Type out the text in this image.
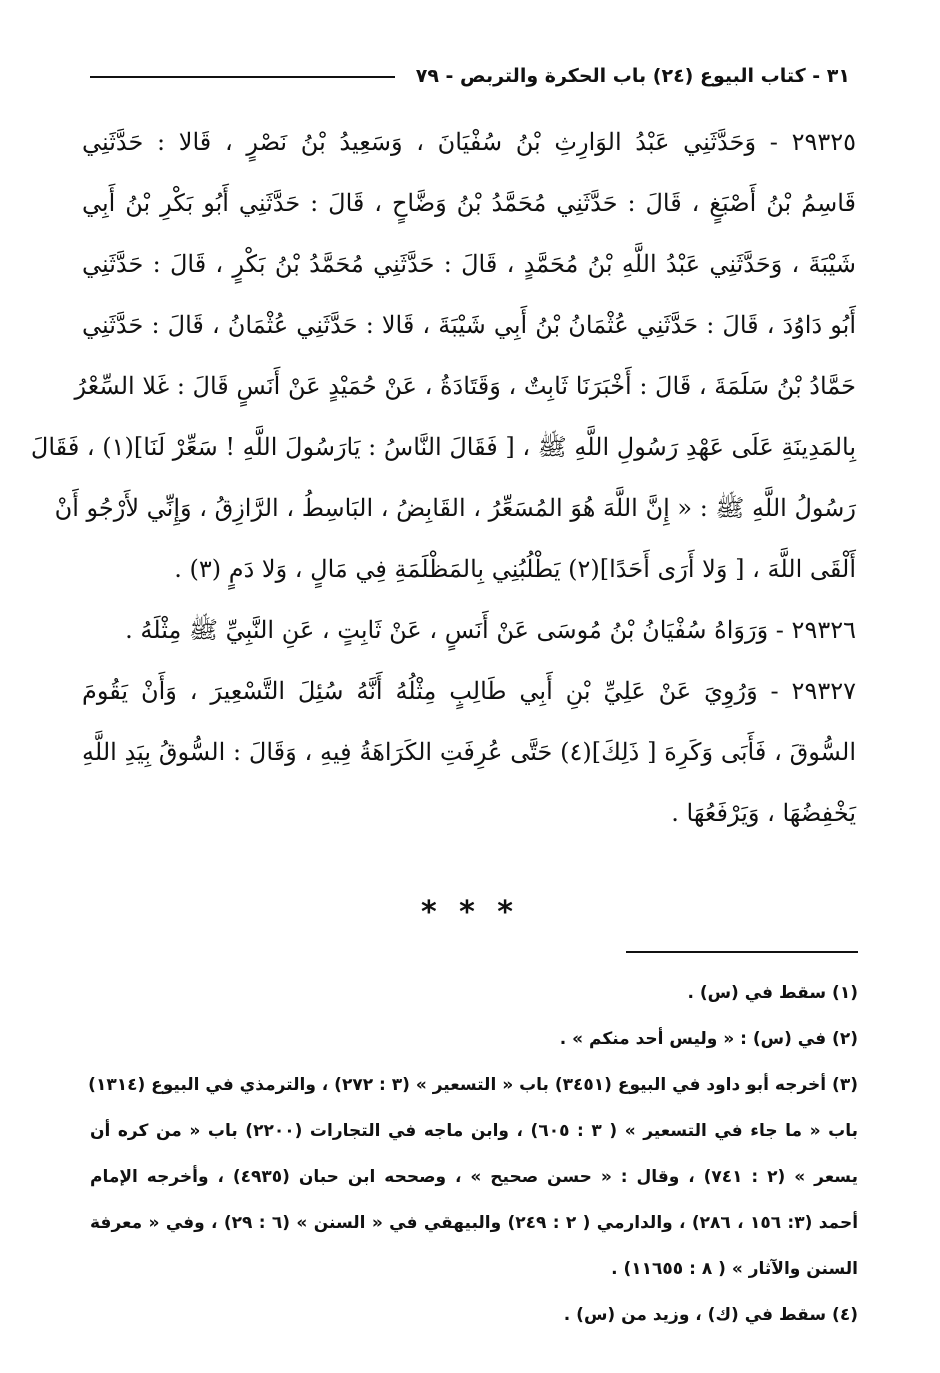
٣١ - كتاب البيوع (٢٤) باب الحكرة والتربص - ٧٩
٢٩٣٢٥ - وَحَدَّثَنِي عَبْدُ الوَارِثِ بْنُ سُفْيَانَ ، وَسَعِيدُ بْنُ نَصْرٍ ، قَالا : حَدَّثَنِي
قَاسِمُ بْنُ أَصْبَغٍ ، قَالَ : حَدَّثَنِي مُحَمَّدُ بْنُ وَضَّاحٍ ، قَالَ : حَدَّثَنِي أَبُو بَكْرِ بْنُ أَبِي
شَيْبَةَ ، وَحَدَّثَنِي عَبْدُ اللَّهِ بْنُ مُحَمَّدٍ ، قَالَ : حَدَّثَنِي مُحَمَّدُ بْنُ بَكْرٍ ، قَالَ : حَدَّثَنِي
أَبُو دَاوُدَ ، قَالَ : حَدَّثَنِي عُثْمَانُ بْنُ أَبِي شَيْبَةَ ، قَالا : حَدَّثَنِي عُثْمَانُ ، قَالَ : حَدَّثَنِي
حَمَّادُ بْنُ سَلَمَةَ ، قَالَ : أَخْبَرَنَا ثَابِتٌ ، وَقَتَادَةُ ، عَنْ حُمَيْدٍ عَنْ أَنَسٍ قَالَ : غَلا السِّعْرُ
بِالمَدِينَةِ عَلَى عَهْدِ رَسُولِ اللَّهِ ﷺ ، [ فَقَالَ النَّاسُ : يَارَسُولَ اللَّهِ ! سَعِّرْ لَنَا](١) ، فَقَالَ
رَسُولُ اللَّهِ ﷺ : « إِنَّ اللَّهَ هُوَ المُسَعِّرُ ، القَابِضُ ، البَاسِطُ ، الرَّازِقُ ، وَإِنِّي لأَرْجُو أَنْ
أَلْقَى اللَّهَ ، [ وَلا أَرَى أَحَدًا](٢) يَطْلُبُنِي بِالمَظْلَمَةِ فِي مَالٍ ، وَلا دَمٍ (٣) .
٢٩٣٢٦ - وَرَوَاهُ سُفْيَانُ بْنُ مُوسَى عَنْ أَنَسٍ ، عَنْ ثَابِتٍ ، عَنِ النَّبِيِّ ﷺ مِثْلَهُ .
٢٩٣٢٧ - وَرُوِيَ عَنْ عَلِيِّ بْنِ أَبِي طَالِبٍ مِثْلُهُ أَنَّهُ سُئِلَ التَّسْعِيرَ ، وَأَنْ يَقُومَ
السُّوقَ ، فَأَبَى وَكَرِهَ [ ذَلِكَ](٤) حَتَّى عُرِفَتِ الكَرَاهَةُ فِيهِ ، وَقَالَ : السُّوقُ بِيَدِ اللَّهِ
يَخْفِضُهَا ، وَيَرْفَعُهَا .
* * *
(١) سقط في (س) .
(٢) في (س) : « وليس أحد منكم » .
(٣) أخرجه أبو داود في البيوع (٣٤٥١) باب « التسعير » (٣ : ٢٧٢) ، والترمذي في البيوع (١٣١٤)
باب « ما جاء في التسعير » ( ٣ : ٦٠٥) ، وابن ماجه في التجارات (٢٢٠٠) باب « من كره أن
يسعر » (٢ : ٧٤١) ، وقال : « حسن صحيح » ، وصححه ابن حبان (٤٩٣٥) ، وأخرجه الإمام
أحمد (٣: ١٥٦ ، ٢٨٦) ، والدارمي ( ٢ : ٢٤٩) والبيهقي في « السنن » (٦ : ٢٩) ، وفي « معرفة
السنن والآثار » ( ٨ : ١١٦٥٥) .
(٤) سقط في (ك) ، وزيد من (س) .
